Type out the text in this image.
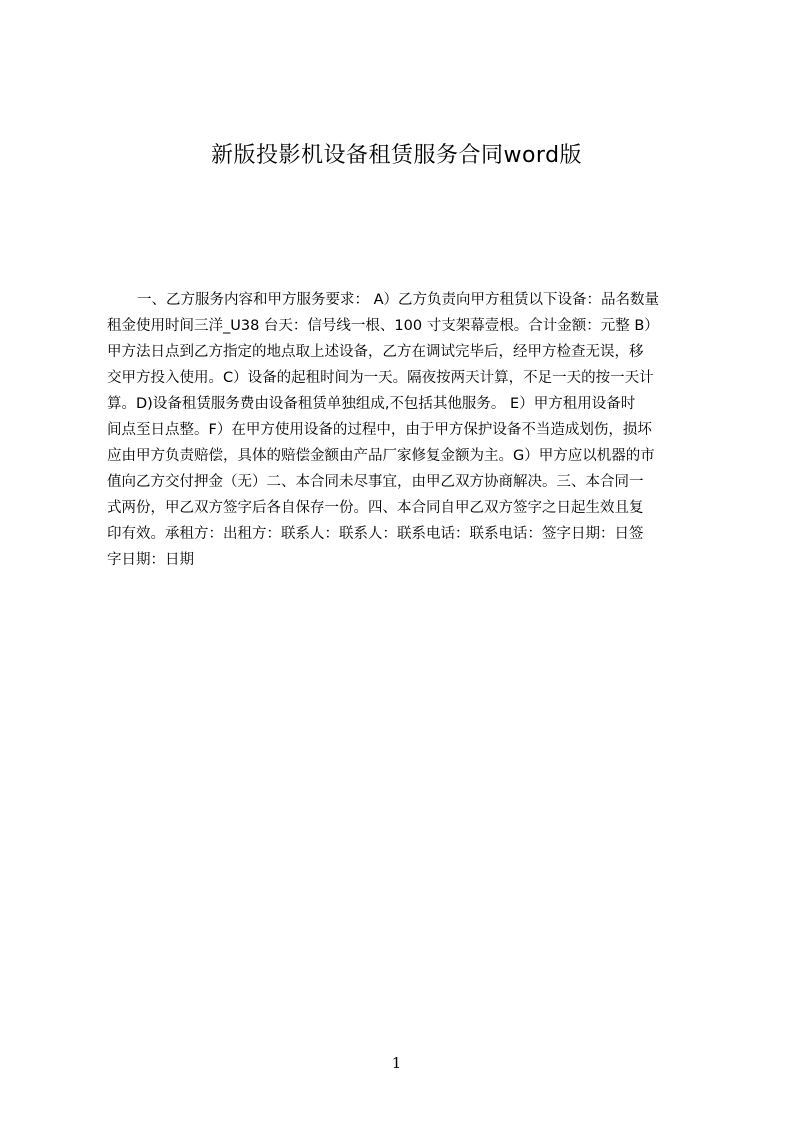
新版投影机设备租赁服务合同word版
一、乙方服务内容和甲方服务要求： A）乙方负责向甲方租赁以下设备：品名数量
租金使用时间三洋_U38 台天：信号线一根、100 寸支架幕壹根。合计金额：元整 B）
甲方法日点到乙方指定的地点取上述设备，乙方在调试完毕后，经甲方检查无误，移
交甲方投入使用。C）设备的起租时间为一天。隔夜按两天计算，不足一天的按一天计
算。D)设备租赁服务费由设备租赁单独组成,不包括其他服务。 E）甲方租用设备时
间点至日点整。F）在甲方使用设备的过程中，由于甲方保护设备不当造成划伤，损坏
应由甲方负责赔偿，具体的赔偿金额由产品厂家修复金额为主。G）甲方应以机器的市
值向乙方交付押金（无）二、本合同未尽事宜，由甲乙双方协商解决。三、本合同一
式两份，甲乙双方签字后各自保存一份。四、本合同自甲乙双方签字之日起生效且复
印有效。承租方：出租方：联系人：联系人：联系电话：联系电话：签字日期：日签
字日期：日期
1
